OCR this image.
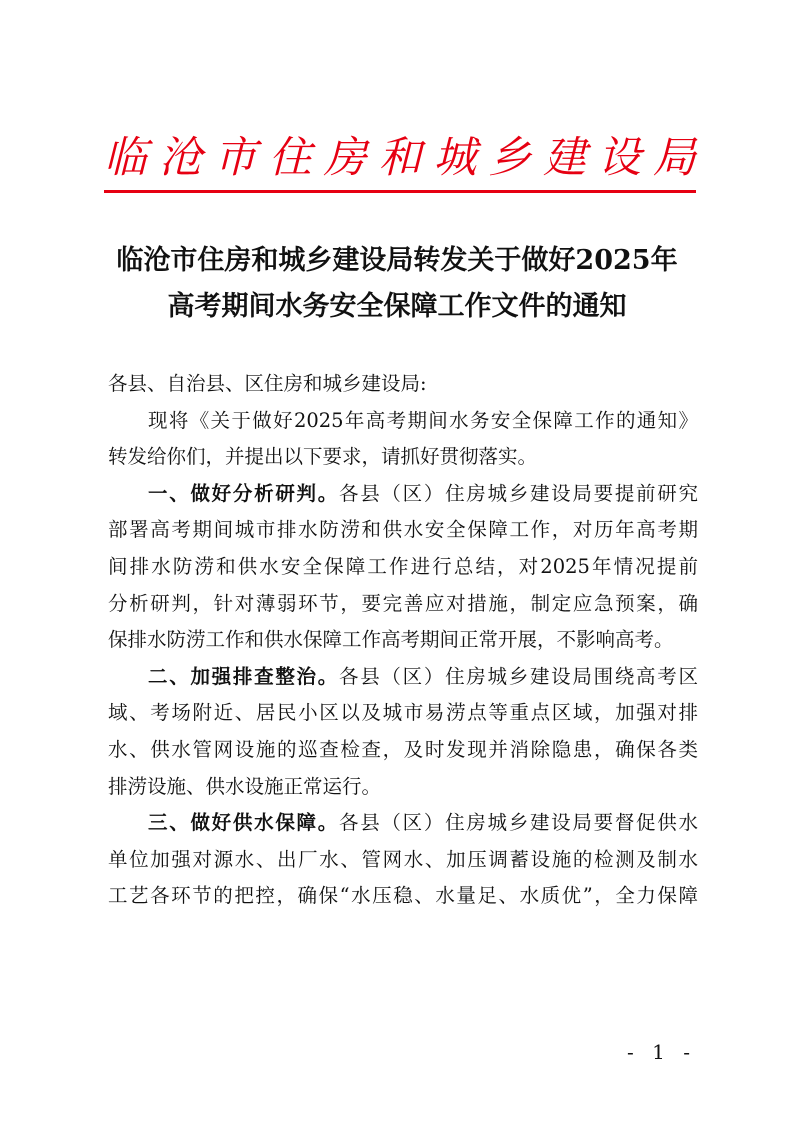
临 沧 市 住 房 和 城 乡 建 设 局
临沧市住房和城乡建设局转发关于做好2025年
高考期间水务安全保障工作文件的通知
各县、自治县、区住房和城乡建设局:
现将《关于做好2025年高考期间水务安全保障工作的通知》
转发给你们，并提出以下要求，请抓好贯彻落实。
一、做好分析研判。各县（区）住房城乡建设局要提前研究
部署高考期间城市排水防涝和供水安全保障工作，对历年高考期
间排水防涝和供水安全保障工作进行总结，对2025年情况提前
分析研判，针对薄弱环节，要完善应对措施，制定应急预案，确
保排水防涝工作和供水保障工作高考期间正常开展，不影响高考。
二、加强排查整治。各县（区）住房城乡建设局围绕高考区
域、考场附近、居民小区以及城市易涝点等重点区域，加强对排
水、供水管网设施的巡查检查，及时发现并消除隐患，确保各类
排涝设施、供水设施正常运行。
三、做好供水保障。各县（区）住房城乡建设局要督促供水
单位加强对源水、出厂水、管网水、加压调蓄设施的检测及制水
工艺各环节的把控，确保“水压稳、水量足、水质优”，全力保障
- 1 -
